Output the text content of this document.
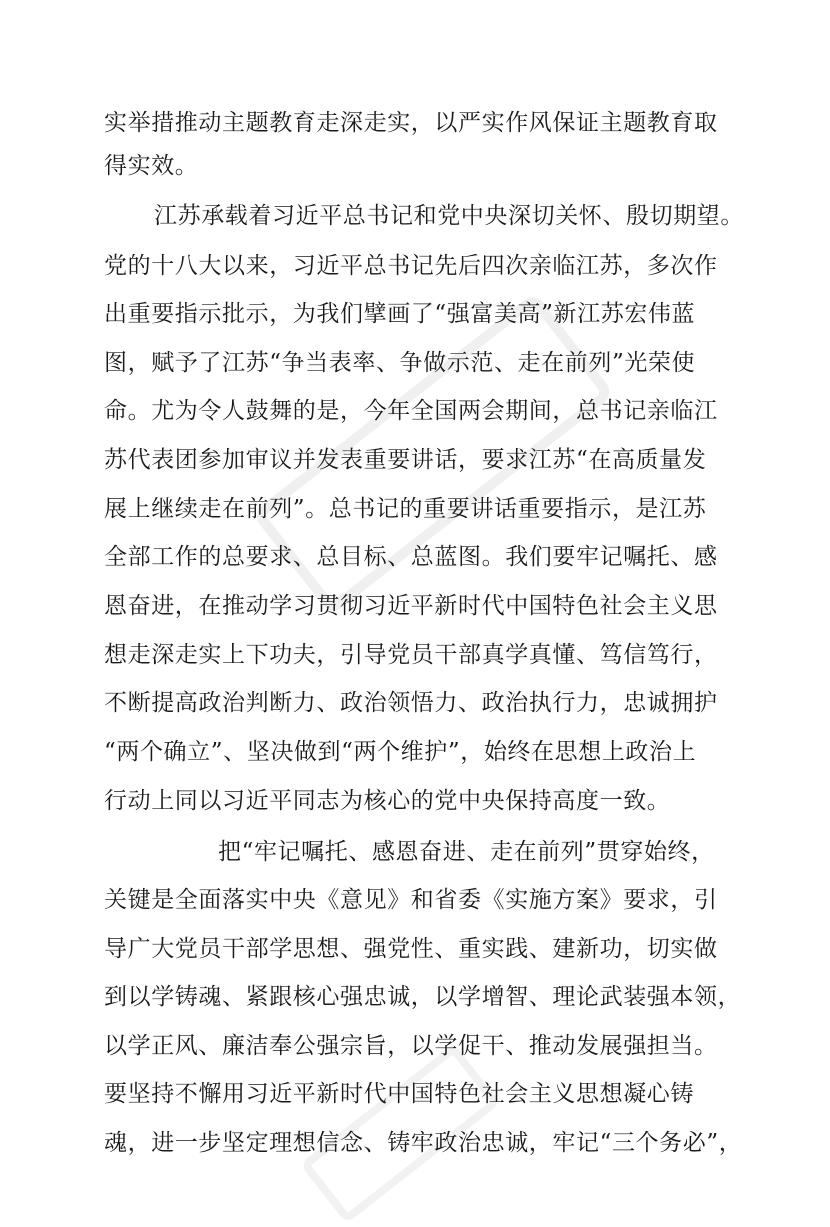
实举措推动主题教育走深走实，以严实作风保证主题教育取
得实效。
江苏承载着习近平总书记和党中央深切关怀、殷切期望。
党的十八大以来，习近平总书记先后四次亲临江苏，多次作
出重要指示批示，为我们擘画了“强富美高”新江苏宏伟蓝
图，赋予了江苏“争当表率、争做示范、走在前列”光荣使
命。尤为令人鼓舞的是，今年全国两会期间，总书记亲临江
苏代表团参加审议并发表重要讲话，要求江苏“在高质量发
展上继续走在前列”。总书记的重要讲话重要指示，是江苏
全部工作的总要求、总目标、总蓝图。我们要牢记嘱托、感
恩奋进，在推动学习贯彻习近平新时代中国特色社会主义思
想走深走实上下功夫，引导党员干部真学真懂、笃信笃行，
不断提高政治判断力、政治领悟力、政治执行力，忠诚拥护
“两个确立”、坚决做到“两个维护”，始终在思想上政治上
行动上同以习近平同志为核心的党中央保持高度一致。
把“牢记嘱托、感恩奋进、走在前列”贯穿始终，
关键是全面落实中央《意见》和省委《实施方案》要求，引
导广大党员干部学思想、强党性、重实践、建新功，切实做
到以学铸魂、紧跟核心强忠诚，以学增智、理论武装强本领，
以学正风、廉洁奉公强宗旨，以学促干、推动发展强担当。
要坚持不懈用习近平新时代中国特色社会主义思想凝心铸
魂，进一步坚定理想信念、铸牢政治忠诚，牢记“三个务必”，
